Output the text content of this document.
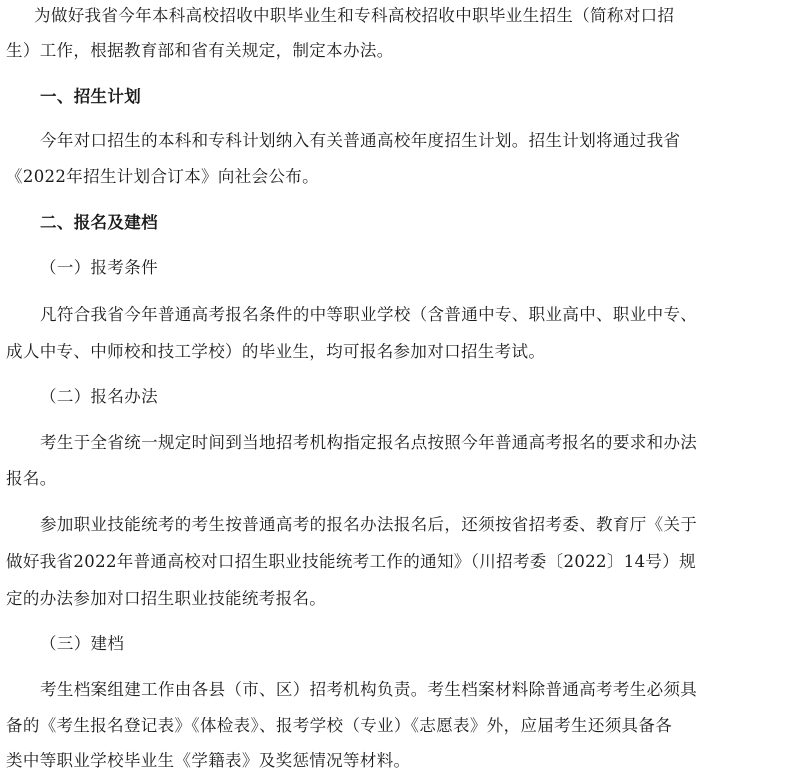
为做好我省今年本科高校招收中职毕业生和专科高校招收中职毕业生招生（简称对口招
生）工作，根据教育部和省有关规定，制定本办法。
一、招生计划
今年对口招生的本科和专科计划纳入有关普通高校年度招生计划。招生计划将通过我省
《2022年招生计划合订本》向社会公布。
二、报名及建档
（一）报考条件
凡符合我省今年普通高考报名条件的中等职业学校（含普通中专、职业高中、职业中专、
成人中专、中师校和技工学校）的毕业生，均可报名参加对口招生考试。
（二）报名办法
考生于全省统一规定时间到当地招考机构指定报名点按照今年普通高考报名的要求和办法
报名。
参加职业技能统考的考生按普通高考的报名办法报名后，还须按省招考委、教育厅《关于
做好我省2022年普通高校对口招生职业技能统考工作的通知》（川招考委〔2022〕14号）规
定的办法参加对口招生职业技能统考报名。
（三）建档
考生档案组建工作由各县（市、区）招考机构负责。考生档案材料除普通高考考生必须具
备的《考生报名登记表》《体检表》、报考学校（专业）《志愿表》外，应届考生还须具备各
类中等职业学校毕业生《学籍表》及奖惩情况等材料。
